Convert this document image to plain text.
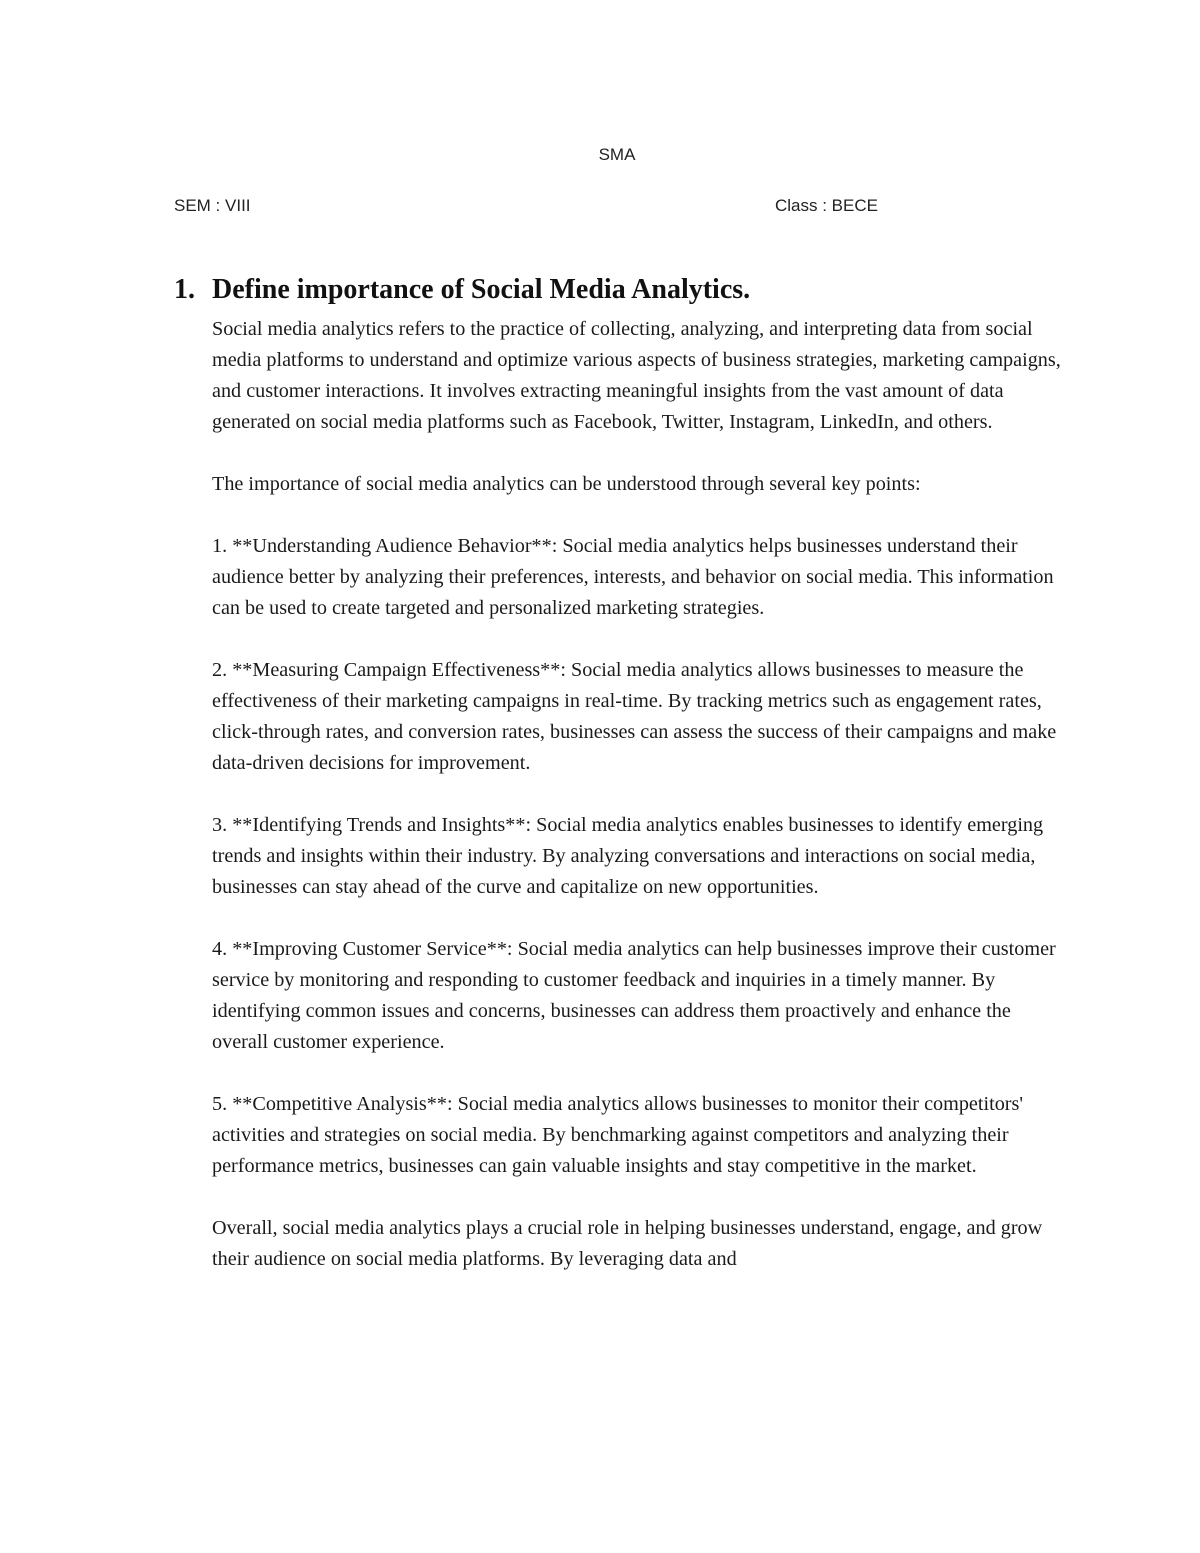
SMA
SEM : VIII	Class : BECE
1. Define importance of Social Media Analytics.

Social media analytics refers to the practice of collecting, analyzing, and interpreting data from social media platforms to understand and optimize various aspects of business strategies, marketing campaigns, and customer interactions. It involves extracting meaningful insights from the vast amount of data generated on social media platforms such as Facebook, Twitter, Instagram, LinkedIn, and others.

The importance of social media analytics can be understood through several key points:

1. **Understanding Audience Behavior**: Social media analytics helps businesses understand their audience better by analyzing their preferences, interests, and behavior on social media. This information can be used to create targeted and personalized marketing strategies.

2. **Measuring Campaign Effectiveness**: Social media analytics allows businesses to measure the effectiveness of their marketing campaigns in real-time. By tracking metrics such as engagement rates, click-through rates, and conversion rates, businesses can assess the success of their campaigns and make data-driven decisions for improvement.

3. **Identifying Trends and Insights**: Social media analytics enables businesses to identify emerging trends and insights within their industry. By analyzing conversations and interactions on social media, businesses can stay ahead of the curve and capitalize on new opportunities.

4. **Improving Customer Service**: Social media analytics can help businesses improve their customer service by monitoring and responding to customer feedback and inquiries in a timely manner. By identifying common issues and concerns, businesses can address them proactively and enhance the overall customer experience.

5. **Competitive Analysis**: Social media analytics allows businesses to monitor their competitors' activities and strategies on social media. By benchmarking against competitors and analyzing their performance metrics, businesses can gain valuable insights and stay competitive in the market.

Overall, social media analytics plays a crucial role in helping businesses understand, engage, and grow their audience on social media platforms. By leveraging data and
